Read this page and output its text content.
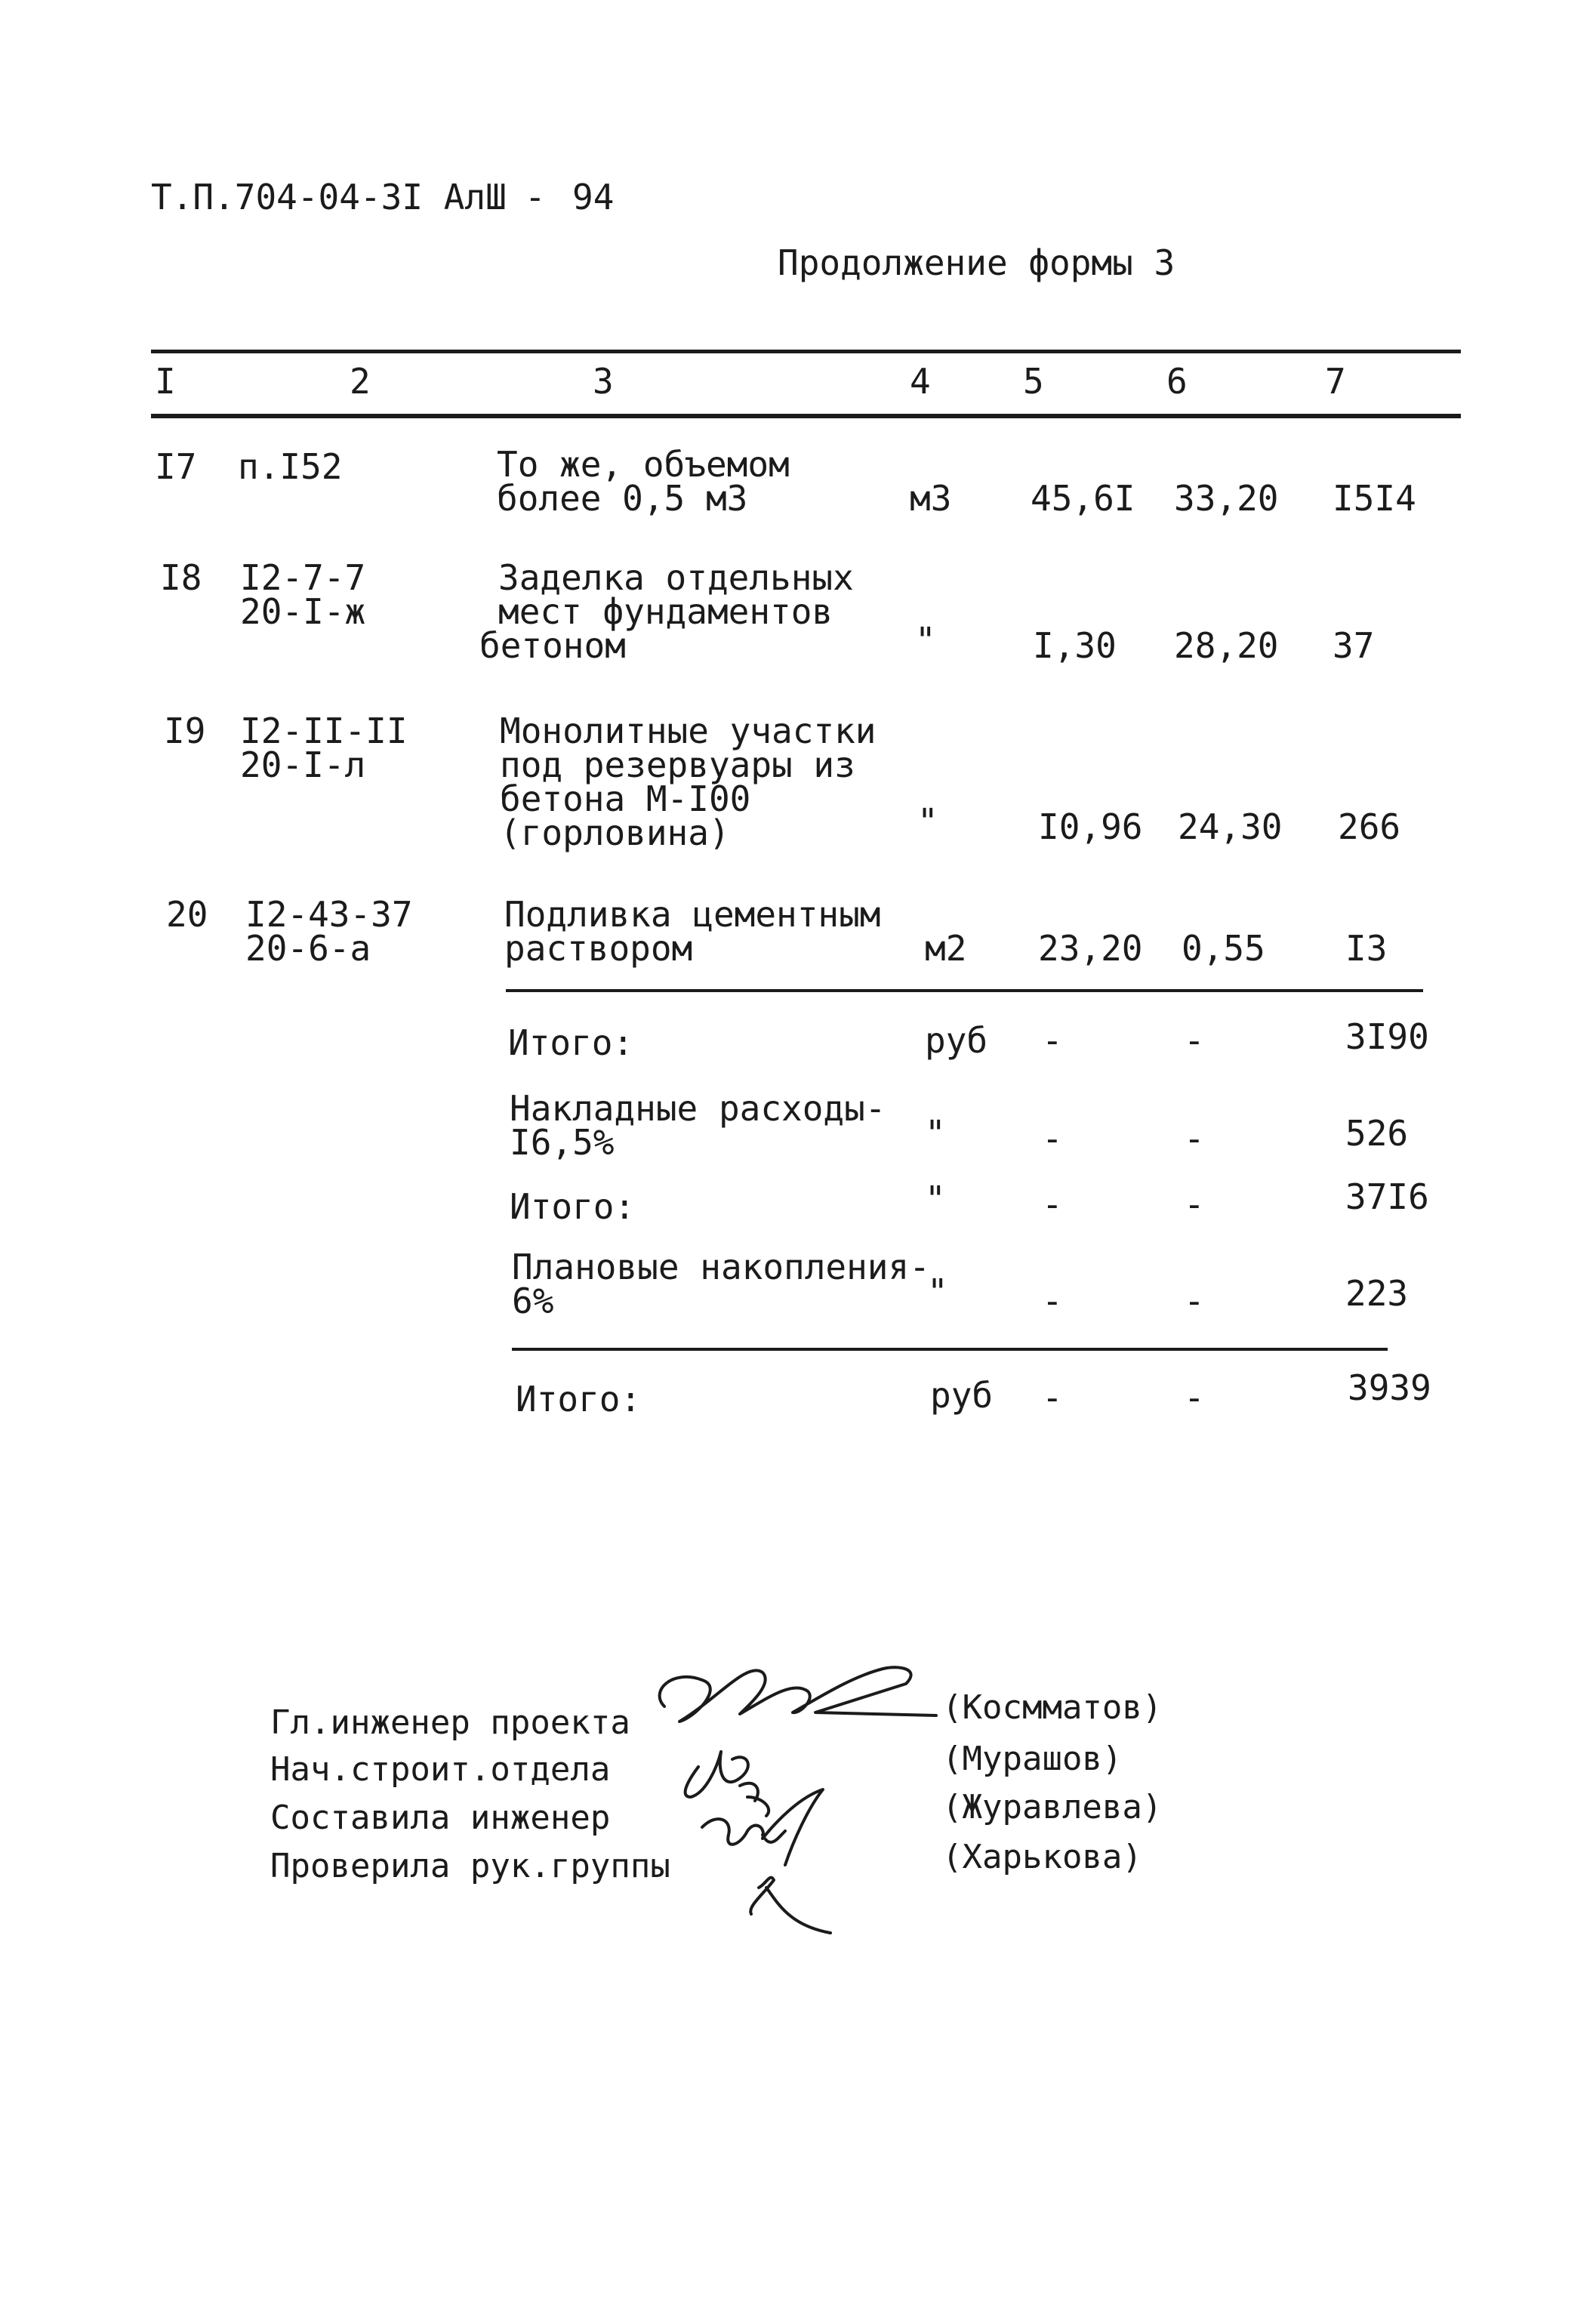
Т.П.704-04-3I АлШ - 94
Продолжение формы 3
I	2	3	4	5	6	7
I7 п.I52	То же, объемом
более 0,5 м3	м3 45,6I 33,20 I5I4
I8 I2-7-7
20-I-ж
Заделка отдельных
мест фундаментов
бетоном	"	I,30 28,20 37
I9 I2-II-II
20-I-л
Монолитные участки
под резервуары из
бетона М-I00
(горловина)	"	I0,96 24,30 266
20 I2-43-37
20-6-а
Подливка цементным
раствором	м2 23,20 0,55 I3
Итого:	руб -	-	3I90
Накладные расходы-
I6,5%	"	-	-	526
Итого:	"	-	-	37I6
Плановые накопления-
6%	"	-	-	223
Итого:	руб -	-	3939
Гл.инженер проекта
Нач.строит.отдела
Составила инженер
Проверила рук.группы
(Космматов)
(Мурашов)
(Журавлева)
(Харькова)
